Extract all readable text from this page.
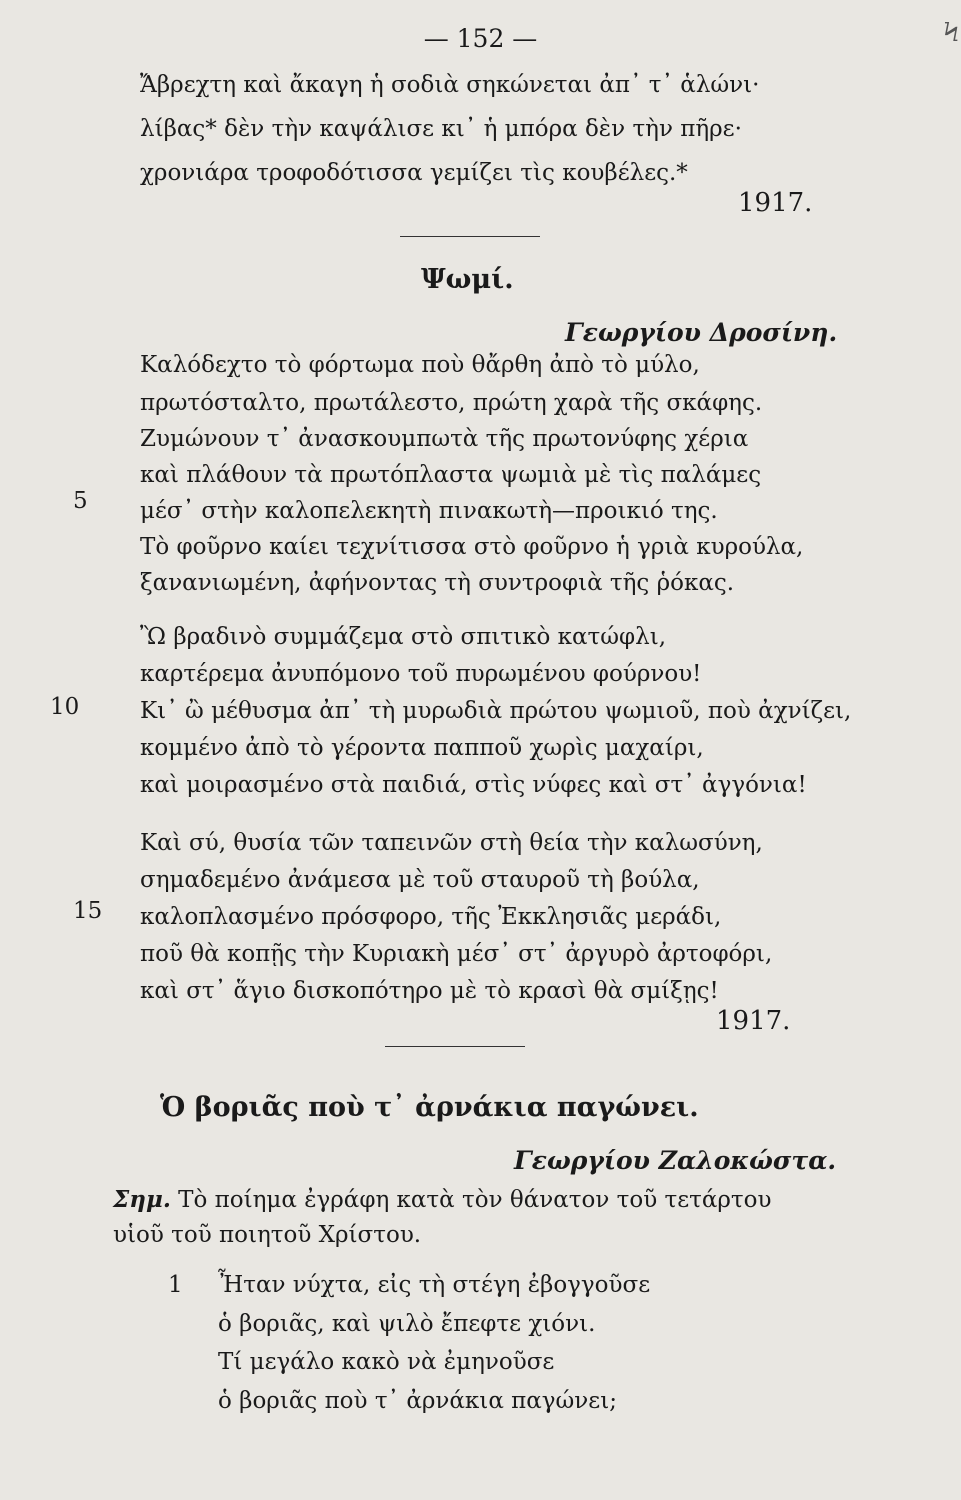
Ϟ
— 152 —
Ἄβρεχτη καὶ ἄκαγη ἡ σοδιὰ σηκώνεται ἀπ᾽ τ᾽ ἁλώνι·
λίβας* δὲν τὴν καψάλισε κι᾽ ἡ μπόρα δὲν τὴν πῆρε·
χρονιάρα τροφοδότισσα γεμίζει τὶς κουβέλες.*
1917.
Ψωμί.
Γεωργίου Δροσίνη.
Καλόδεχτο τὸ φόρτωμα ποὺ θἄρθη ἀπὸ τὸ μύλο,
πρωτόσταλτο, πρωτάλεστο, πρώτη χαρὰ τῆς σκάφης.
Ζυμώνουν τ᾽ ἀνασκουμπωτὰ τῆς πρωτονύφης χέρια
καὶ πλάθουν τὰ πρωτόπλαστα ψωμιὰ μὲ τὶς παλάμες
5 μέσ᾽ στὴν καλοπελεκητὴ πινακωτὴ—προικιό της.
Τὸ φοῦρνο καίει τεχνίτισσα στὸ φοῦρνο ἡ γριὰ κυρούλα,
ξανανιωμένη, ἀφήνοντας τὴ συντροφιὰ τῆς ῥόκας.
Ὢ βραδινὸ συμμάζεμα στὸ σπιτικὸ κατώφλι,
καρτέρεμα ἀνυπόμονο τοῦ πυρωμένου φούρνου!
10	Κι᾽ ὢ μέθυσμα ἀπ᾽ τὴ μυρωδιὰ πρώτου ψωμιοῦ, ποὺ ἀχνίζει,
κομμένο ἀπὸ τὸ γέροντα παπποῦ χωρὶς μαχαίρι,
καὶ μοιρασμένο στὰ παιδιά, στὶς νύφες καὶ στ᾽ ἀγγόνια!
Καὶ σύ, θυσία τῶν ταπεινῶν στὴ θεία τὴν καλωσύνη,
σημαδεμένο ἀνάμεσα μὲ τοῦ σταυροῦ τὴ βούλα,
15 καλοπλασμένο πρόσφορο, τῆς Ἐκκλησιᾶς μεράδι,
ποῦ θὰ κοπῇς τὴν Κυριακὴ μέσ᾽ στ᾽ ἀργυρὸ ἀρτοφόρι,
καὶ στ᾽ ἅγιο δισκοπότηρο μὲ τὸ κρασὶ θὰ σμίξῃς!
1917.
Ὁ βοριᾶς ποὺ τ᾽ ἀρνάκια παγώνει.
Γεωργίου Ζαλοκώστα.
Σημ. Τὸ ποίημα ἐγράφη κατὰ τὸν θάνατον τοῦ τετάρτου
υἱοῦ τοῦ ποιητοῦ Χρίστου.
1 Ἦταν νύχτα, εἰς τὴ στέγη ἐβογγοῦσε
ὁ βοριᾶς, καὶ ψιλὸ ἔπεφτε χιόνι.
Τί μεγάλο κακὸ νὰ ἐμηνοῦσε
ὁ βοριᾶς ποὺ τ᾽ ἀρνάκια παγώνει;
